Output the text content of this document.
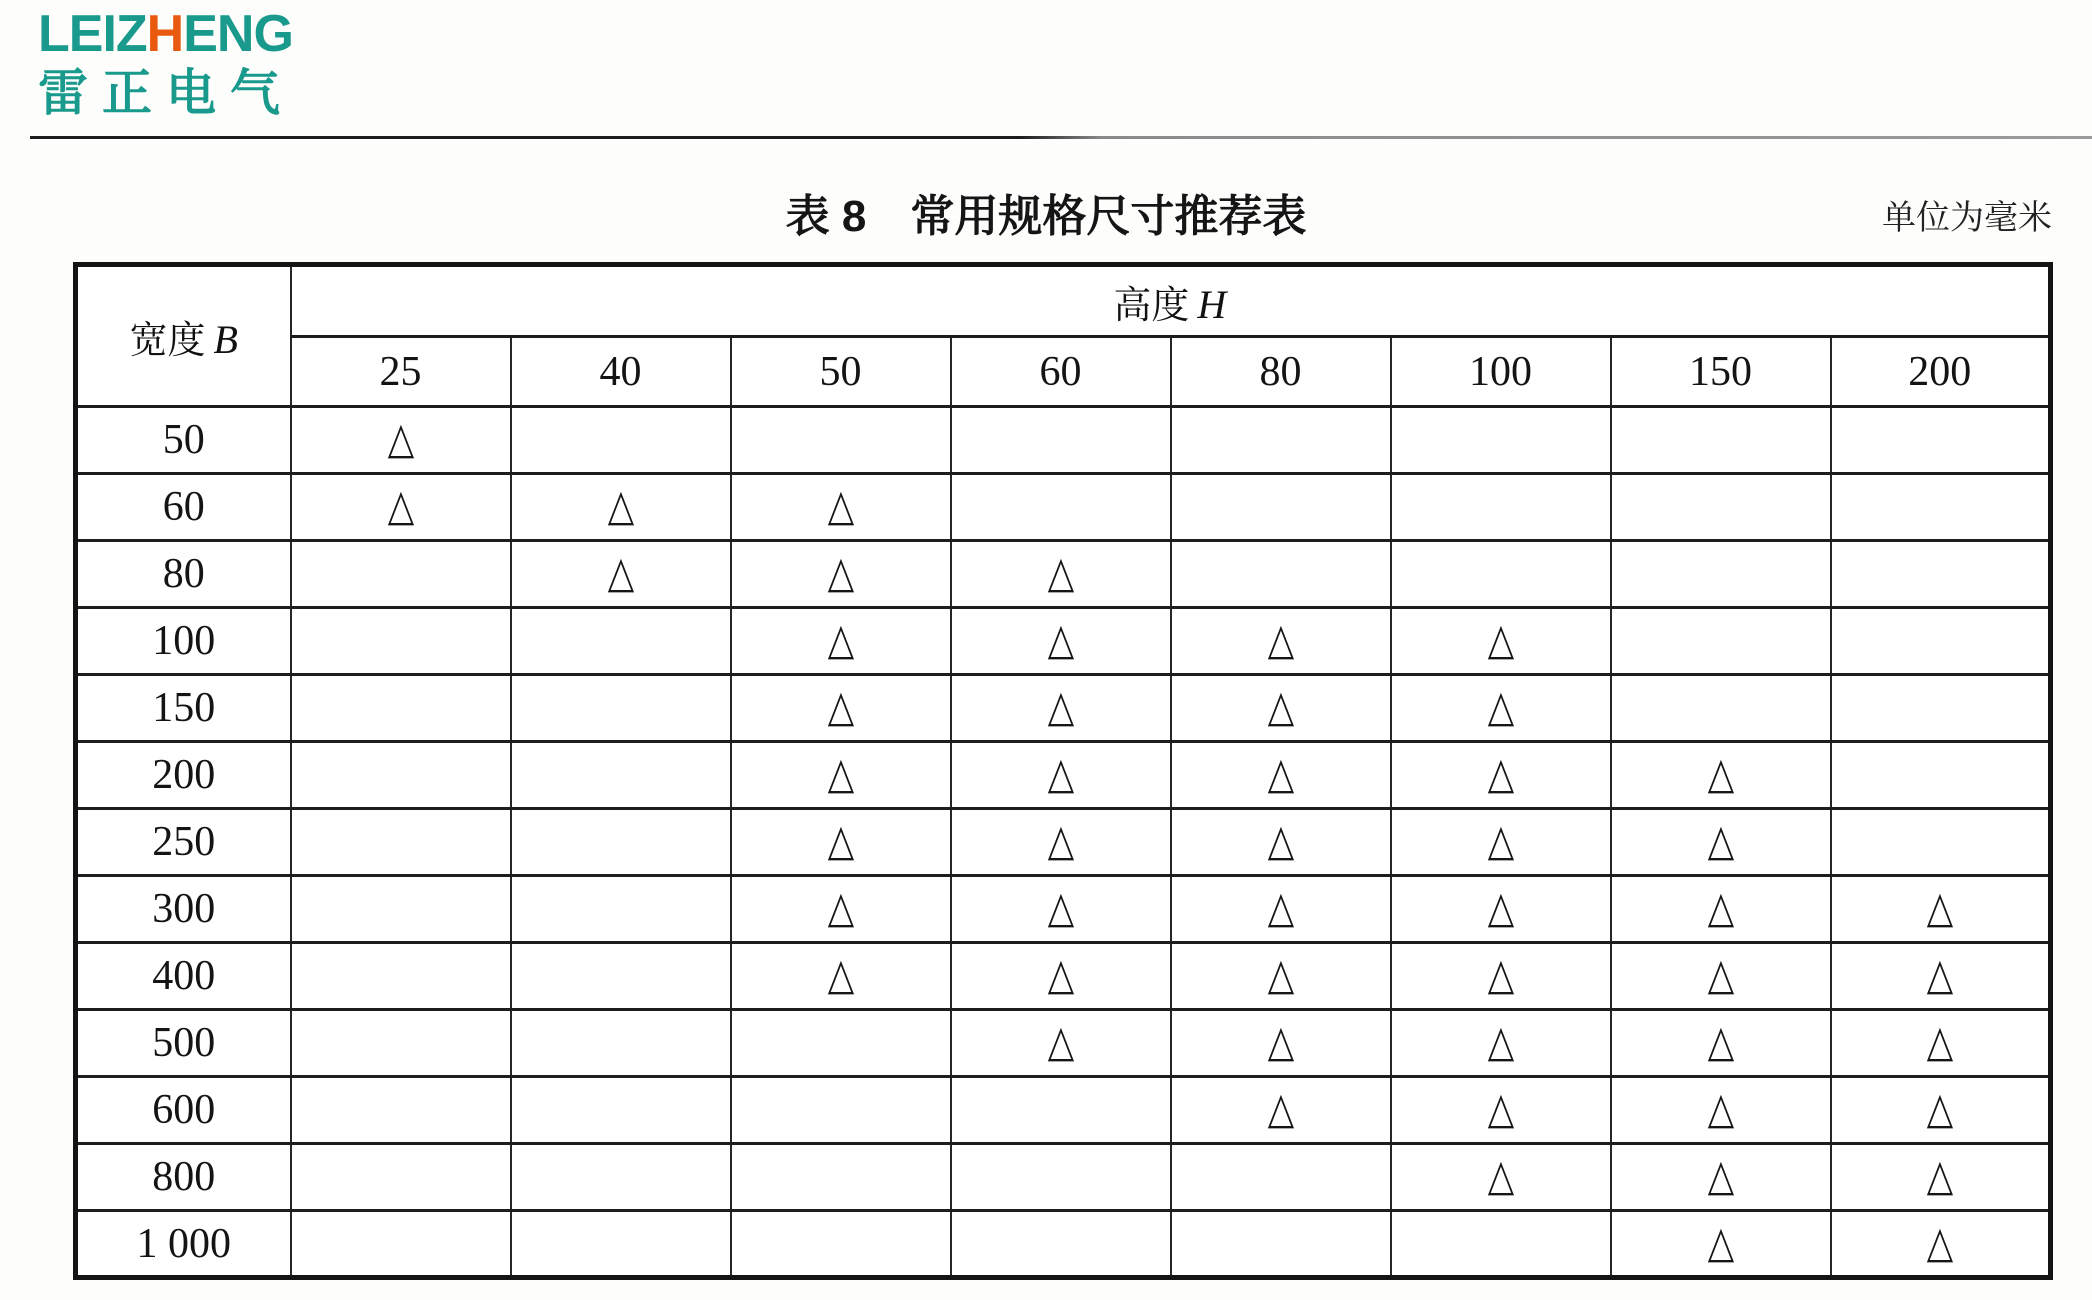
LEIZHENG
雷正电气
表 8　常用规格尺寸推荐表	单位为毫米
宽度 B	高度 H							
	25	40	50	60	80	100	150	200
50	△							
60	△	△	△					
80		△	△	△				
100			△	△	△	△		
150			△	△	△	△		
200			△	△	△	△	△	
250			△	△	△	△	△	
300			△	△	△	△	△	△
400			△	△	△	△	△	△
500				△	△	△	△	△
600					△	△	△	△
800						△	△	△
1 000							△	△
